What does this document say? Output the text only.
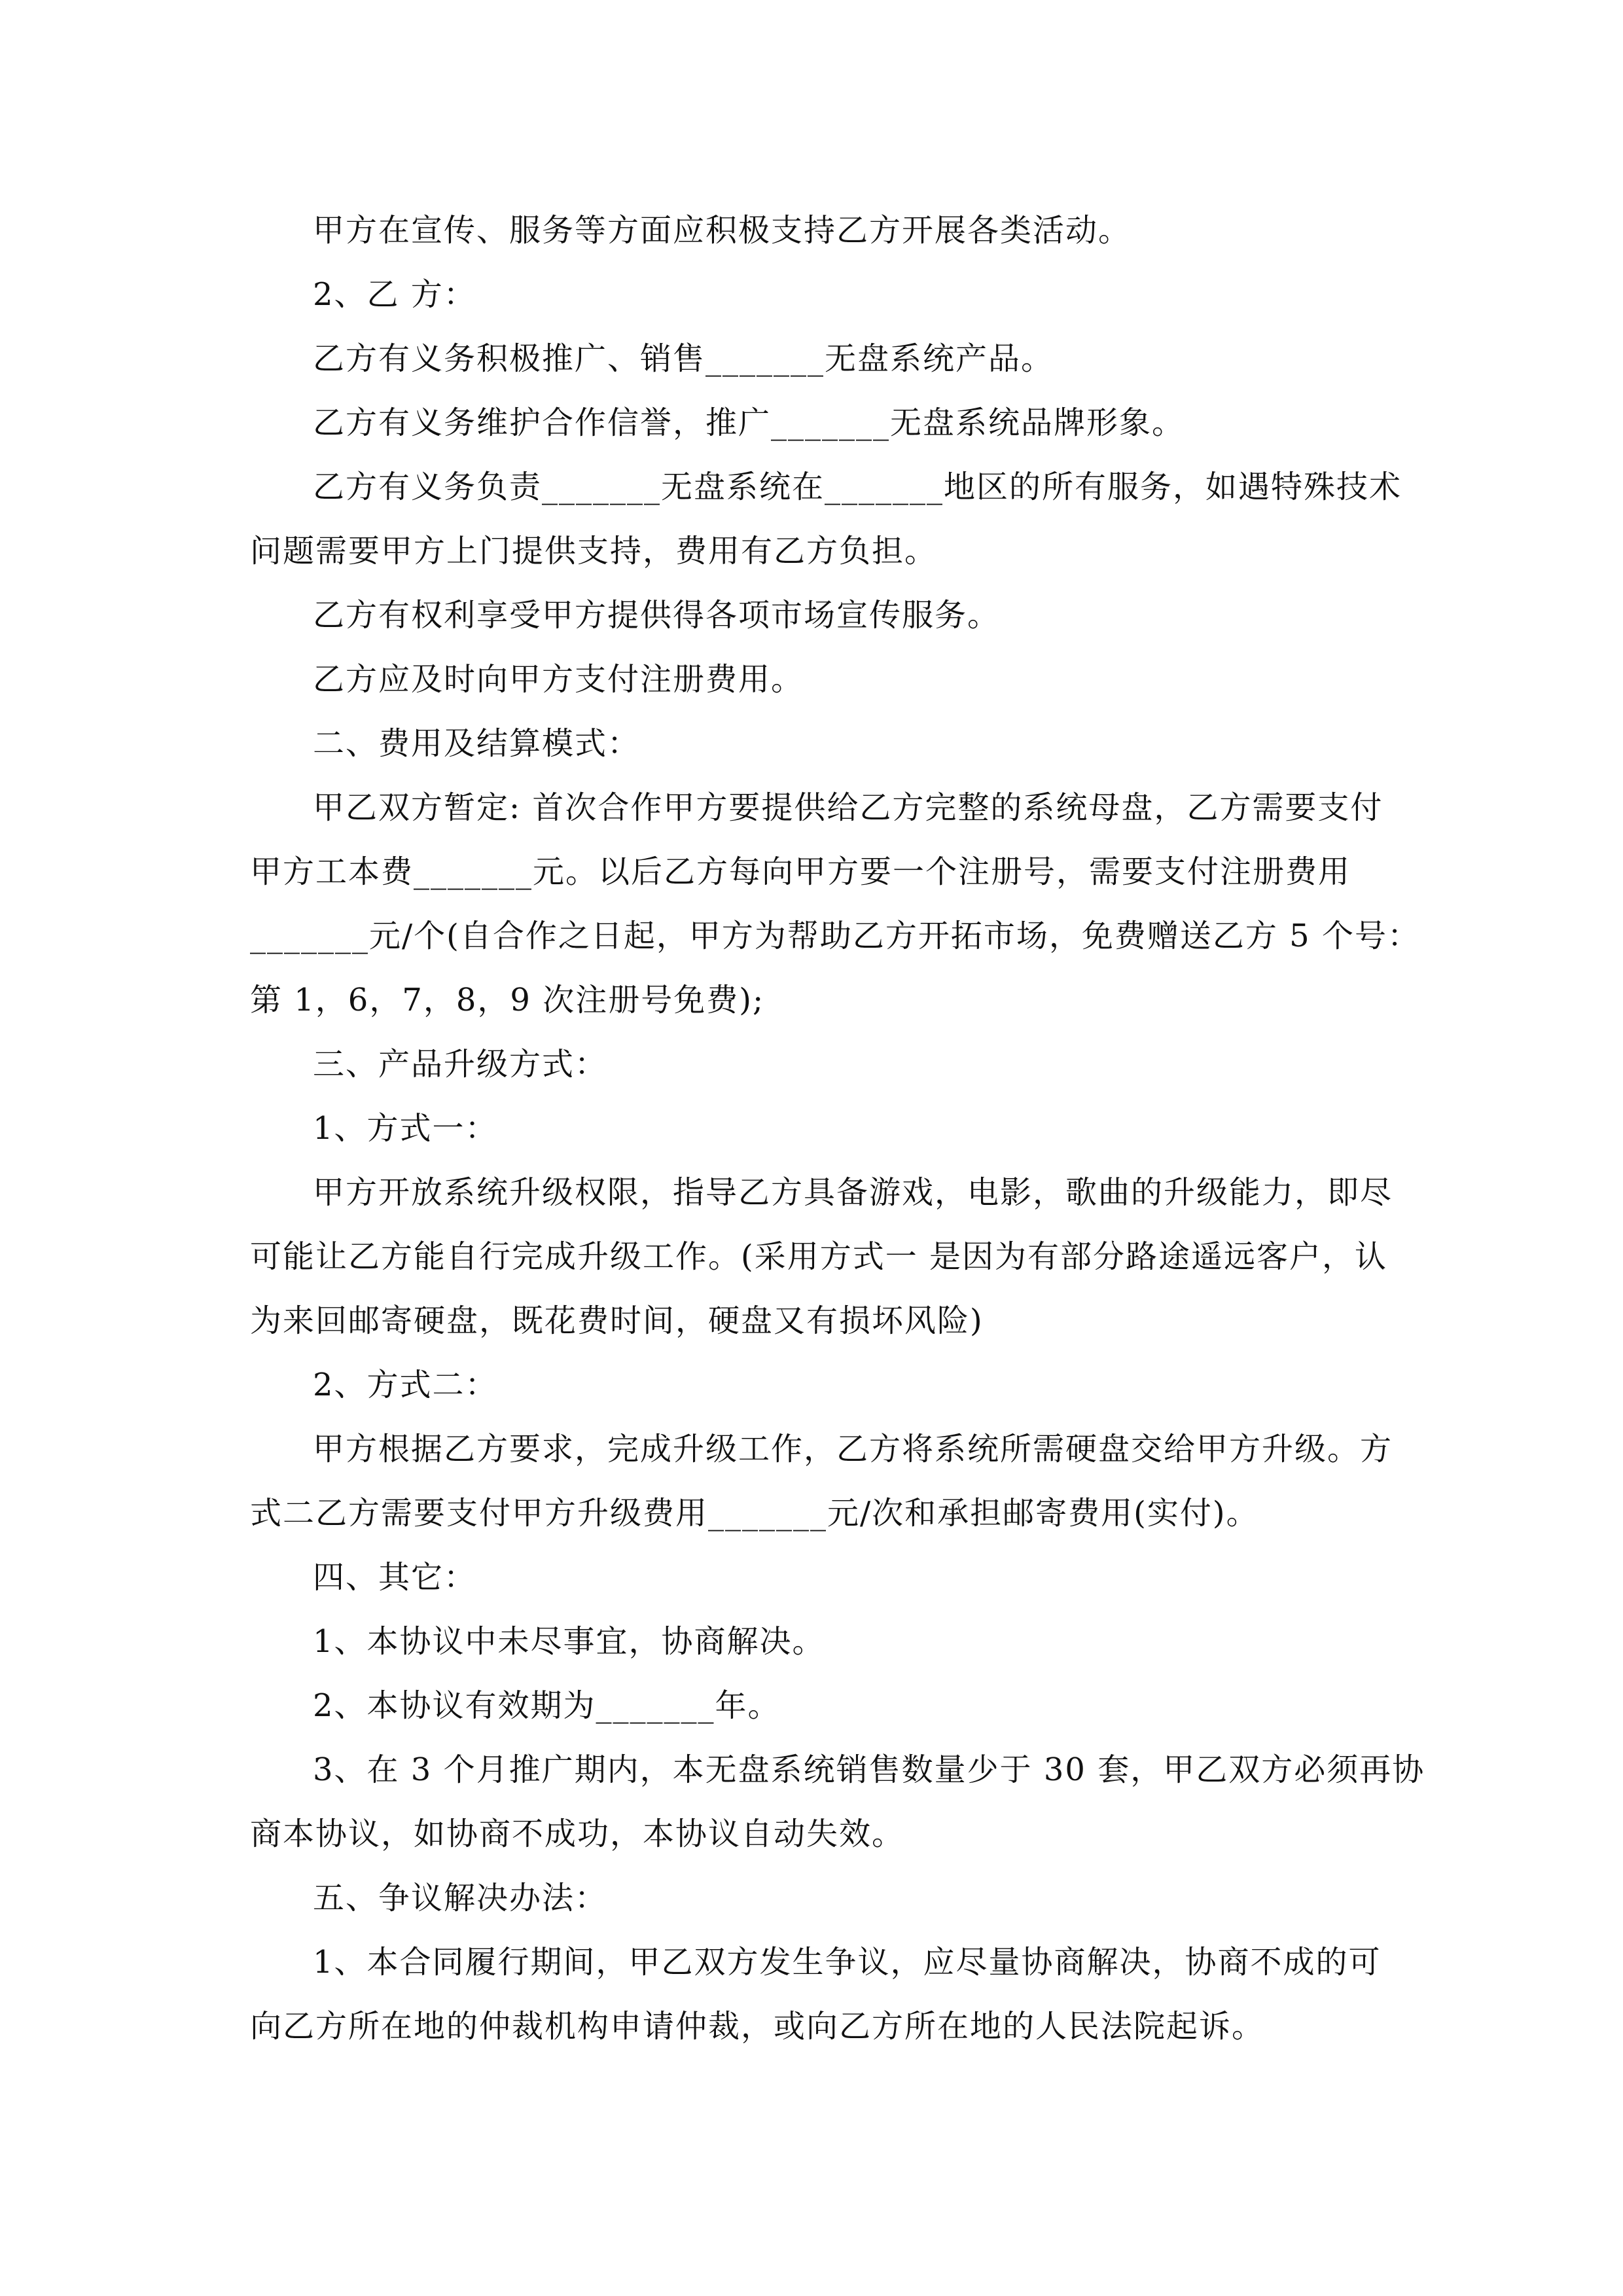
甲方在宣传、服务等方面应积极支持乙方开展各类活动。
2、乙 方：
乙方有义务积极推广、销售_______无盘系统产品。
乙方有义务维护合作信誉，推广_______无盘系统品牌形象。
乙方有义务负责_______无盘系统在_______地区的所有服务，如遇特殊技术
问题需要甲方上门提供支持，费用有乙方负担。
乙方有权利享受甲方提供得各项市场宣传服务。
乙方应及时向甲方支付注册费用。
二、费用及结算模式：
甲乙双方暂定: 首次合作甲方要提供给乙方完整的系统母盘，乙方需要支付
甲方工本费_______元。以后乙方每向甲方要一个注册号，需要支付注册费用
_______元/个(自合作之日起，甲方为帮助乙方开拓市场，免费赠送乙方 5 个号：
第 1，6，7，8，9 次注册号免费);
三、产品升级方式：
1、方式一：
甲方开放系统升级权限，指导乙方具备游戏，电影，歌曲的升级能力，即尽
可能让乙方能自行完成升级工作。(采用方式一 是因为有部分路途遥远客户，认
为来回邮寄硬盘，既花费时间，硬盘又有损坏风险)
2、方式二：
甲方根据乙方要求，完成升级工作，乙方将系统所需硬盘交给甲方升级。方
式二乙方需要支付甲方升级费用_______元/次和承担邮寄费用(实付)。
四、其它：
1、本协议中未尽事宜，协商解决。
2、本协议有效期为_______年。
3、在 3 个月推广期内，本无盘系统销售数量少于 30 套，甲乙双方必须再协
商本协议，如协商不成功，本协议自动失效。
五、争议解决办法：
1、本合同履行期间，甲乙双方发生争议，应尽量协商解决，协商不成的可
向乙方所在地的仲裁机构申请仲裁，或向乙方所在地的人民法院起诉。
